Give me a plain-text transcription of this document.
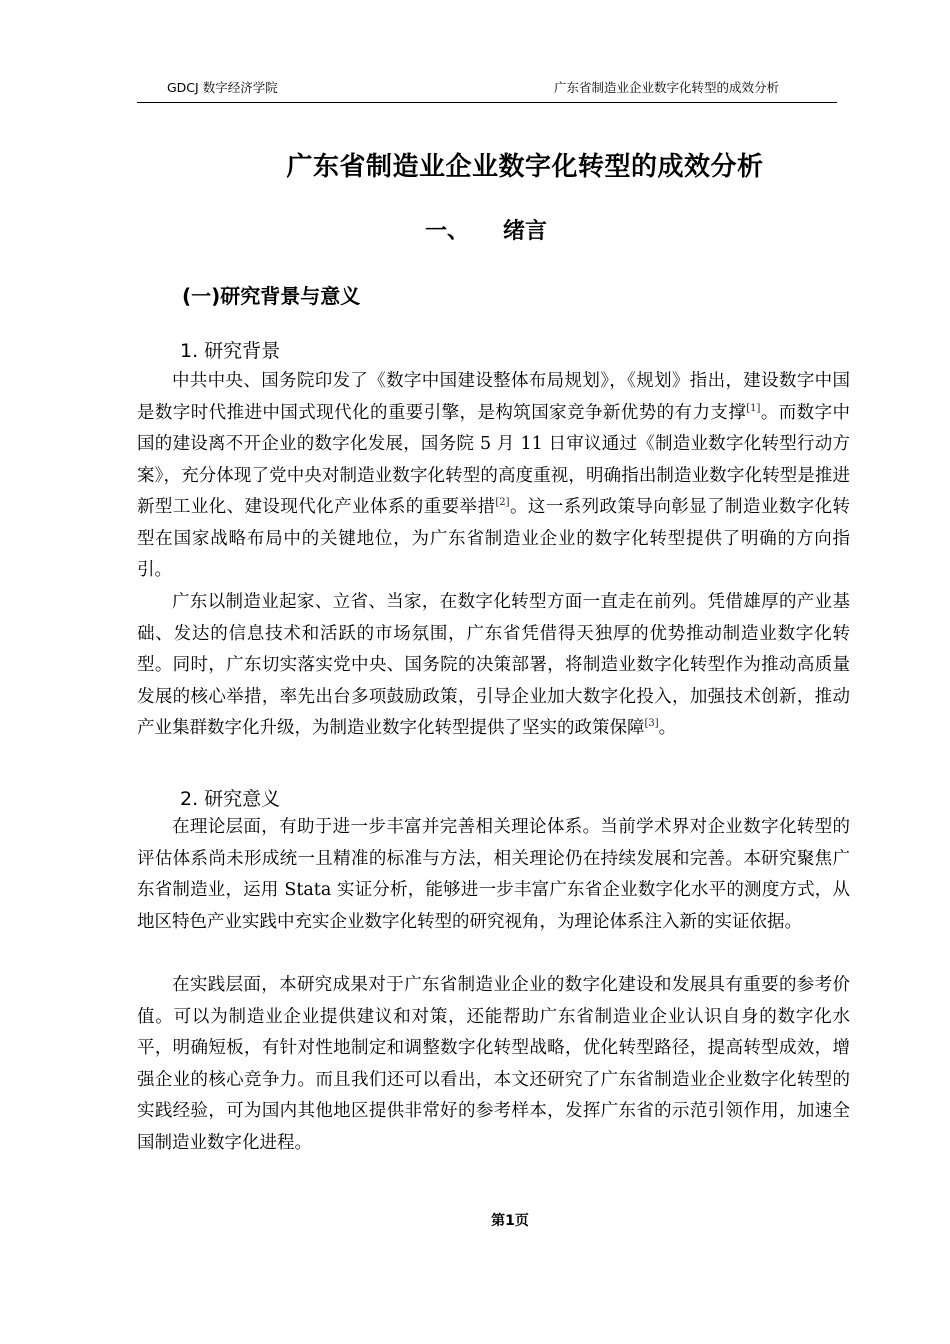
GDCJ 数字经济学院	广东省制造业企业数字化转型的成效分析
广东省制造业企业数字化转型的成效分析
一、 绪言
(一)研究背景与意义
1. 研究背景

中共中央、国务院印发了《数字中国建设整体布局规划》，《规划》指出，建设数字中国是数字时代推进中国式现代化的重要引擎，是构筑国家竞争新优势的有力支撑[1]。而数字中国的建设离不开企业的数字化发展，国务院 5 月 11 日审议通过《制造业数字化转型行动方案》，充分体现了党中央对制造业数字化转型的高度重视，明确指出制造业数字化转型是推进新型工业化、建设现代化产业体系的重要举措[2]。这一系列政策导向彰显了制造业数字化转型在国家战略布局中的关键地位，为广东省制造业企业的数字化转型提供了明确的方向指引。

广东以制造业起家、立省、当家，在数字化转型方面一直走在前列。凭借雄厚的产业基础、发达的信息技术和活跃的市场氛围，广东省凭借得天独厚的优势推动制造业数字化转型。同时，广东切实落实党中央、国务院的决策部署，将制造业数字化转型作为推动高质量发展的核心举措，率先出台多项鼓励政策，引导企业加大数字化投入，加强技术创新，推动产业集群数字化升级，为制造业数字化转型提供了坚实的政策保障[3]。

2. 研究意义

在理论层面，有助于进一步丰富并完善相关理论体系。当前学术界对企业数字化转型的评估体系尚未形成统一且精准的标准与方法，相关理论仍在持续发展和完善。本研究聚焦广东省制造业，运用 Stata 实证分析，能够进一步丰富广东省企业数字化水平的测度方式，从地区特色产业实践中充实企业数字化转型的研究视角，为理论体系注入新的实证依据。

在实践层面，本研究成果对于广东省制造业企业的数字化建设和发展具有重要的参考价值。可以为制造业企业提供建议和对策，还能帮助广东省制造业企业认识自身的数字化水平，明确短板，有针对性地制定和调整数字化转型战略，优化转型路径，提高转型成效，增强企业的核心竞争力。而且我们还可以看出，本文还研究了广东省制造业企业数字化转型的实践经验，可为国内其他地区提供非常好的参考样本，发挥广东省的示范引领作用，加速全国制造业数字化进程。

第1页
